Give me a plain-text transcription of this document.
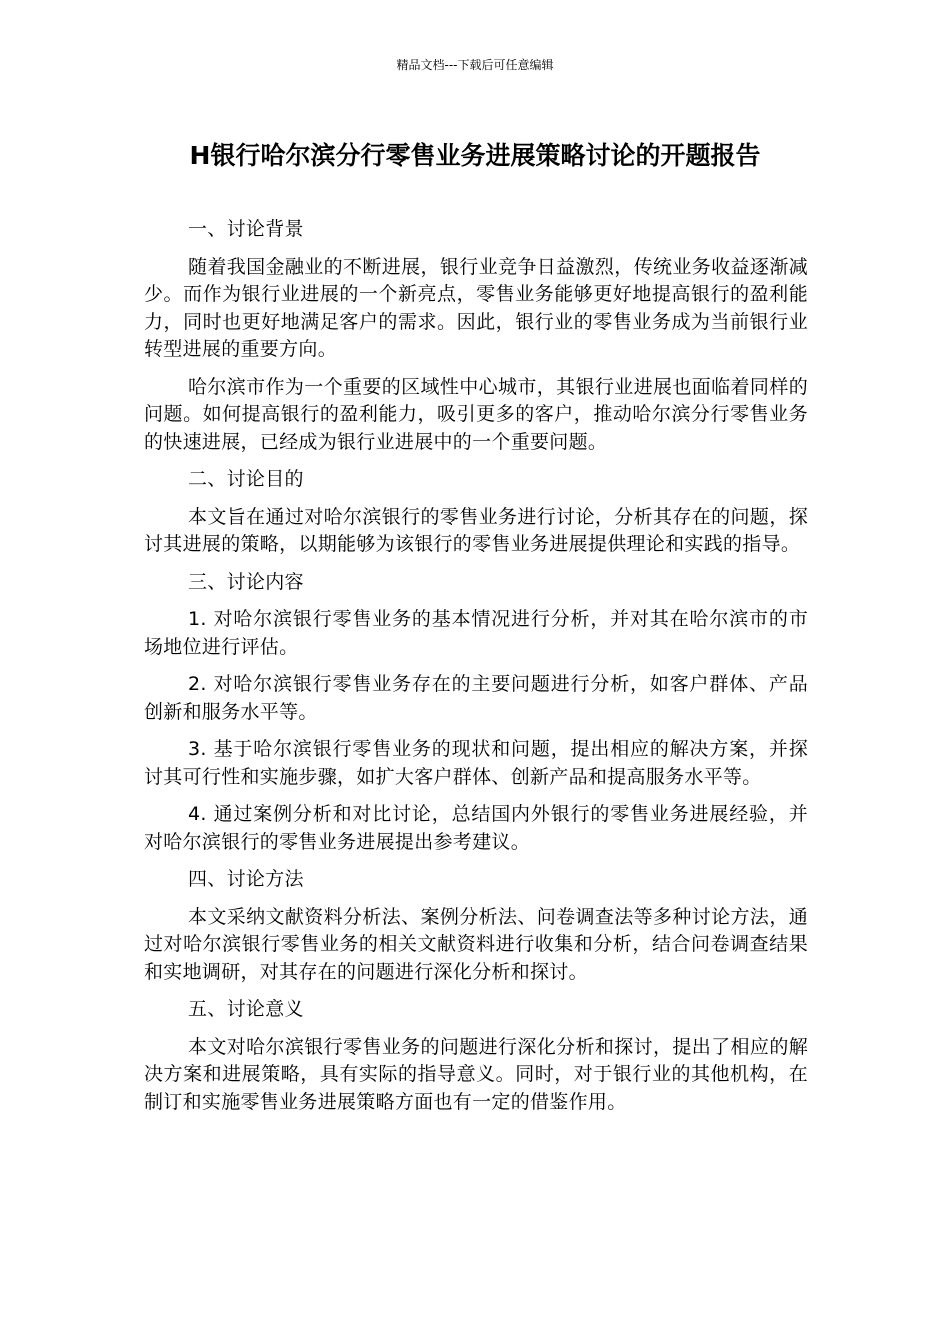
精品文档---下载后可任意编辑
H银行哈尔滨分行零售业务进展策略讨论的开题报告

一、讨论背景

随着我国金融业的不断进展，银行业竞争日益激烈，传统业务收益逐渐减少。而作为银行业进展的一个新亮点，零售业务能够更好地提高银行的盈利能力，同时也更好地满足客户的需求。因此，银行业的零售业务成为当前银行业转型进展的重要方向。

哈尔滨市作为一个重要的区域性中心城市，其银行业进展也面临着同样的问题。如何提高银行的盈利能力，吸引更多的客户，推动哈尔滨分行零售业务的快速进展，已经成为银行业进展中的一个重要问题。

二、讨论目的

本文旨在通过对哈尔滨银行的零售业务进行讨论，分析其存在的问题，探讨其进展的策略，以期能够为该银行的零售业务进展提供理论和实践的指导。

三、讨论内容

1. 对哈尔滨银行零售业务的基本情况进行分析，并对其在哈尔滨市的市场地位进行评估。

2. 对哈尔滨银行零售业务存在的主要问题进行分析，如客户群体、产品创新和服务水平等。

3. 基于哈尔滨银行零售业务的现状和问题，提出相应的解决方案，并探讨其可行性和实施步骤，如扩大客户群体、创新产品和提高服务水平等。

4. 通过案例分析和对比讨论，总结国内外银行的零售业务进展经验，并对哈尔滨银行的零售业务进展提出参考建议。

四、讨论方法

本文采纳文献资料分析法、案例分析法、问卷调查法等多种讨论方法，通过对哈尔滨银行零售业务的相关文献资料进行收集和分析，结合问卷调查结果和实地调研，对其存在的问题进行深化分析和探讨。

五、讨论意义

本文对哈尔滨银行零售业务的问题进行深化分析和探讨，提出了相应的解决方案和进展策略，具有实际的指导意义。同时，对于银行业的其他机构，在制订和实施零售业务进展策略方面也有一定的借鉴作用。
